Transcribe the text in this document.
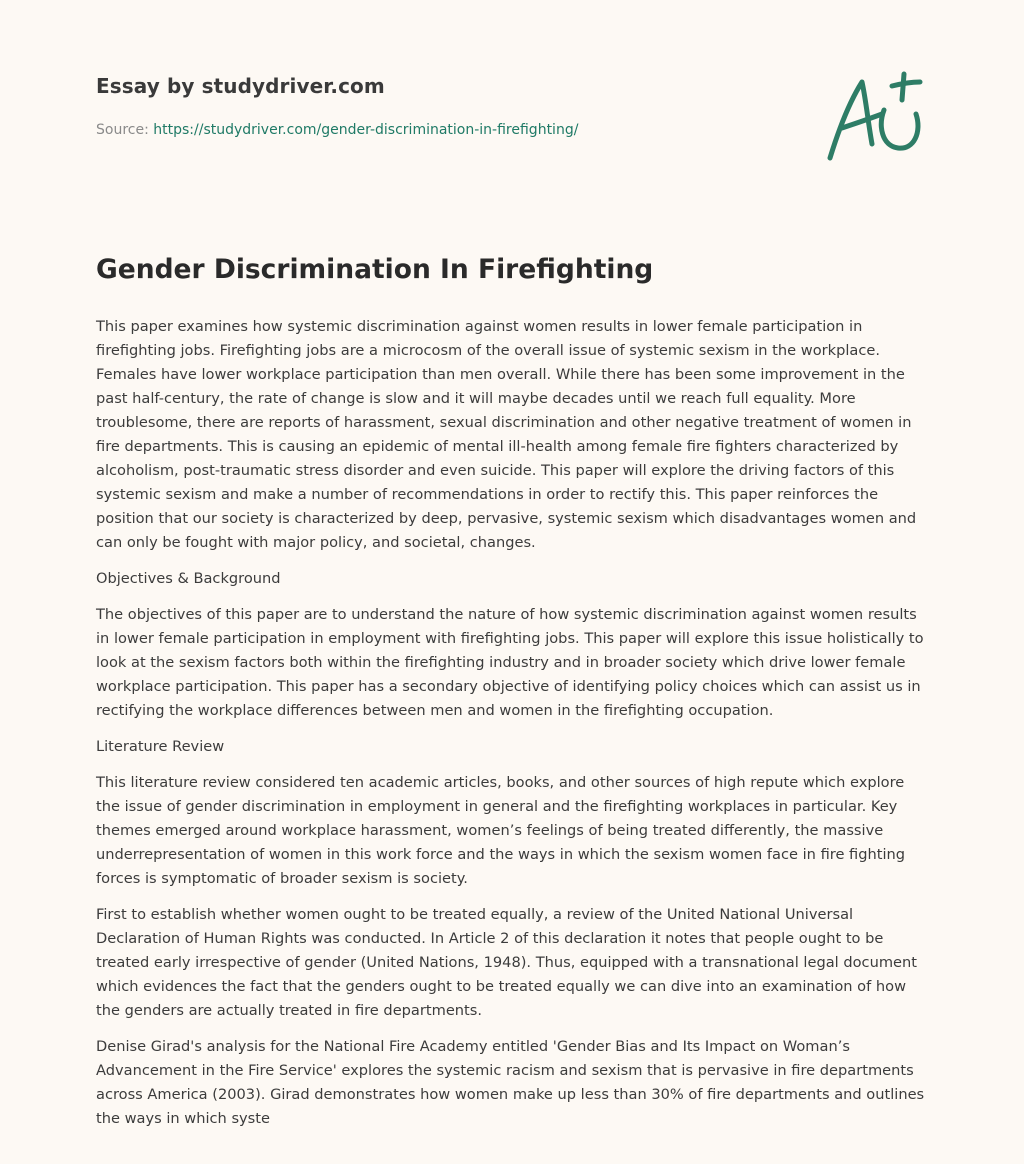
Essay by studydriver.com
Source: https://studydriver.com/gender-discrimination-in-firefighting/
Gender Discrimination In Firefighting

This paper examines how systemic discrimination against women results in lower female participation in firefighting jobs. Firefighting jobs are a microcosm of the overall issue of systemic sexism in the workplace. Females have lower workplace participation than men overall. While there has been some improvement in the past half-century, the rate of change is slow and it will maybe decades until we reach full equality. More troublesome, there are reports of harassment, sexual discrimination and other negative treatment of women in fire departments. This is causing an epidemic of mental ill-health among female fire fighters characterized by alcoholism, post-traumatic stress disorder and even suicide. This paper will explore the driving factors of this systemic sexism and make a number of recommendations in order to rectify this. This paper reinforces the position that our society is characterized by deep, pervasive, systemic sexism which disadvantages women and can only be fought with major policy, and societal, changes.

Objectives & Background

The objectives of this paper are to understand the nature of how systemic discrimination against women results in lower female participation in employment with firefighting jobs. This paper will explore this issue holistically to look at the sexism factors both within the firefighting industry and in broader society which drive lower female workplace participation. This paper has a secondary objective of identifying policy choices which can assist us in rectifying the workplace differences between men and women in the firefighting occupation.

Literature Review

This literature review considered ten academic articles, books, and other sources of high repute which explore the issue of gender discrimination in employment in general and the firefighting workplaces in particular. Key themes emerged around workplace harassment, women’s feelings of being treated differently, the massive underrepresentation of women in this work force and the ways in which the sexism women face in fire fighting forces is symptomatic of broader sexism is society.

First to establish whether women ought to be treated equally, a review of the United National Universal Declaration of Human Rights was conducted. In Article 2 of this declaration it notes that people ought to be treated early irrespective of gender (United Nations, 1948). Thus, equipped with a transnational legal document which evidences the fact that the genders ought to be treated equally we can dive into an examination of how the genders are actually treated in fire departments.

Denise Girad's analysis for the National Fire Academy entitled 'Gender Bias and Its Impact on Woman’s Advancement in the Fire Service' explores the systemic racism and sexism that is pervasive in fire departments across America (2003). Girad demonstrates how women make up less than 30% of fire departments and outlines the ways in which syste
